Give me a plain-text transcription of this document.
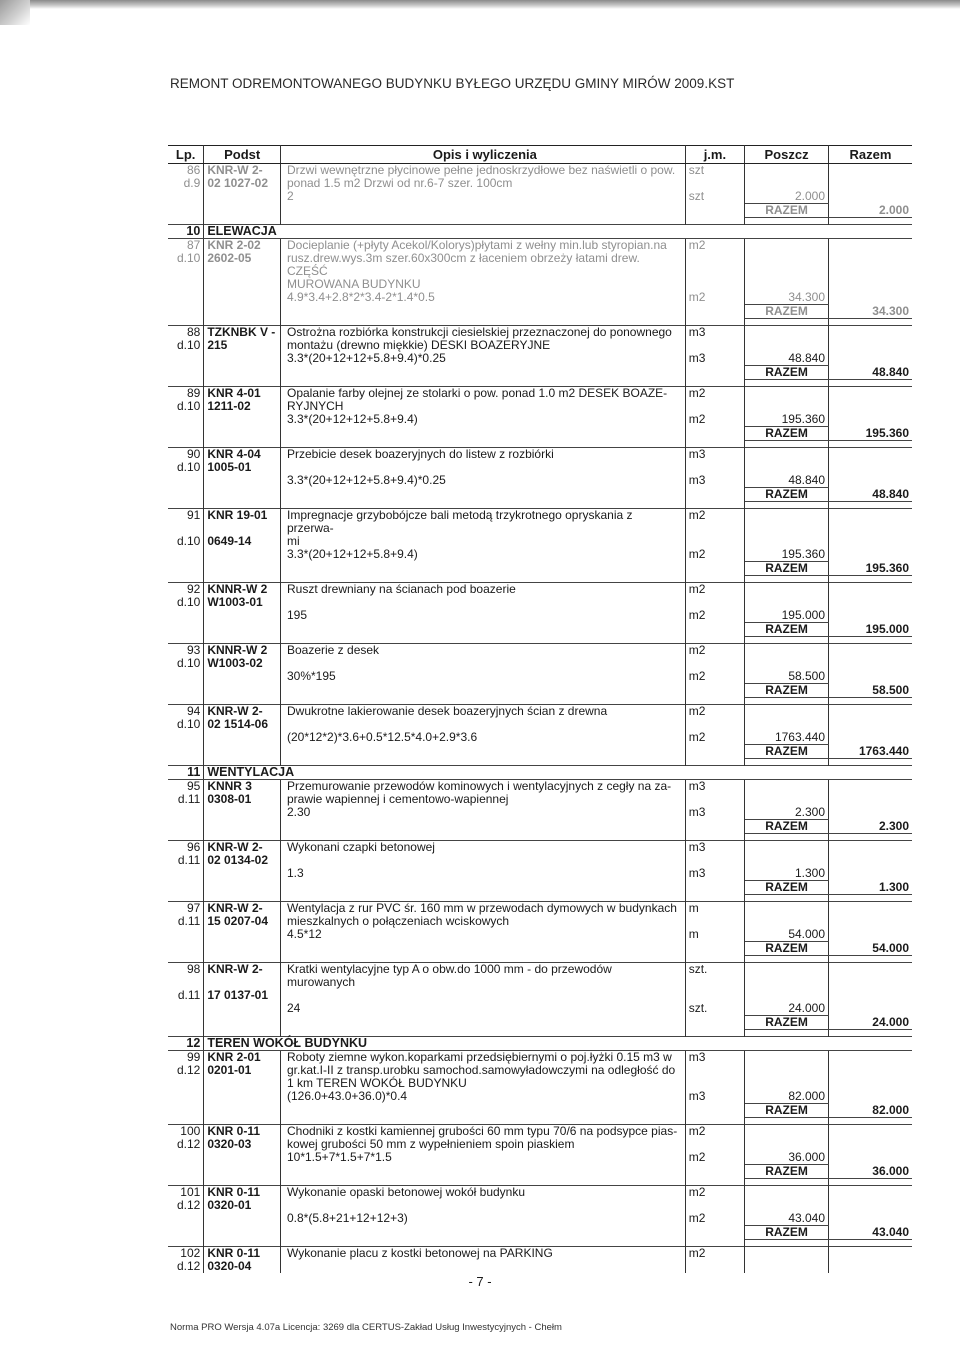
REMONT ODREMONTOWANEGO BUDYNKU BYŁEGO URZĘDU GMINY MIRÓW 2009.KST
Lp.	Podst	Opis i wyliczenia	j.m.	Poszcz	Razem
86	KNR-W 2-	Drzwi wewnętrzne płycinowe pełne jednoskrzydłowe bez naświetli o pow.	szt		
d.9	02 1027-02	ponad 1.5 m2 Drzwi od nr.6-7 szer. 100cm			
		2	szt	2.000	
				RAZEM	2.000

10	ELEWACJA				
87	KNR 2-02	Docieplanie (+płyty Acekol/Kolorys)płytami z wełny min.lub styropian.na	m2		
d.10	2602-05	rusz.drew.wys.3m szer.60x300cm z łaceniem obrzeży łatami drew. CZĘŚĆ			
		MUROWANA BUDYNKU			
		4.9*3.4+2.8*2*3.4-2*1.4*0.5	m2	34.300	
				RAZEM	34.300

88	TZKNBK V -	Ostrożna rozbiórka konstrukcji ciesielskiej przeznaczonej do ponownego	m3		
d.10	215	montażu (drewno miękkie) DESKI BOAZERYJNE			
		3.3*(20+12+12+5.8+9.4)*0.25	m3	48.840	
				RAZEM	48.840

89	KNR 4-01	Opalanie farby olejnej ze stolarki o pow. ponad 1.0 m2 DESEK BOAZE-	m2		
d.10	1211-02	RYJNYCH			
		3.3*(20+12+12+5.8+9.4)	m2	195.360	
				RAZEM	195.360

90	KNR 4-04	Przebicie desek boazeryjnych do listew z rozbiórki	m3		
d.10	1005-01				
		3.3*(20+12+12+5.8+9.4)*0.25	m3	48.840	
				RAZEM	48.840

91	KNR 19-01	Impregnacje grzybobójcze bali metodą trzykrotnego opryskania z przerwa-	m2		
d.10	0649-14	mi			
		3.3*(20+12+12+5.8+9.4)	m2	195.360	
				RAZEM	195.360

92	KNNR-W 2	Ruszt drewniany na ścianach pod boazerie	m2		
d.10	W1003-01				
		195	m2	195.000	
				RAZEM	195.000

93	KNNR-W 2	Boazerie z desek	m2		
d.10	W1003-02				
		30%*195	m2	58.500	
				RAZEM	58.500

94	KNR-W 2-	Dwukrotne lakierowanie desek boazeryjnych ścian z drewna	m2		
d.10	02 1514-06				
		(20*12*2)*3.6+0.5*12.5*4.0+2.9*3.6	m2	1763.440	
				RAZEM	1763.440

11	WENTYLACJA				
95	KNNR 3	Przemurowanie przewodów kominowych i wentylacyjnych z cegły na za-	m3		
d.11	0308-01	prawie wapiennej i cementowo-wapiennej			
		2.30	m3	2.300	
				RAZEM	2.300

96	KNR-W 2-	Wykonani czapki betonowej	m3		
d.11	02 0134-02				
		1.3	m3	1.300	
				RAZEM	1.300

97	KNR-W 2-	Wentylacja z rur PVC śr. 160 mm w przewodach dymowych w budynkach	m		
d.11	15 0207-04	mieszkalnych o połączeniach wciskowych			
		4.5*12	m	54.000	
				RAZEM	54.000

98	KNR-W 2-	Kratki wentylacyjne typ A o obw.do 1000 mm - do przewodów murowanych	szt.		
d.11	17 0137-01				
		24	szt.	24.000	
				RAZEM	24.000

12	TEREN WOKÓŁ BUDYNKU				
99	KNR 2-01	Roboty ziemne wykon.koparkami przedsiębiernymi o poj.łyżki 0.15 m3 w	m3		
d.12	0201-01	gr.kat.I-II z transp.urobku samochod.samowyładowczymi na odległość do			
		1 km TEREN WOKÓŁ BUDYNKU			
		(126.0+43.0+36.0)*0.4	m3	82.000	
				RAZEM	82.000

100	KNR 0-11	Chodniki z kostki kamiennej grubości 60 mm typu 70/6 na podsypce pias-	m2		
d.12	0320-03	kowej grubości 50 mm z wypełnieniem spoin piaskiem			
		10*1.5+7*1.5+7*1.5	m2	36.000	
				RAZEM	36.000

101	KNR 0-11	Wykonanie opaski betonowej wokół budynku	m2		
d.12	0320-01				
		0.8*(5.8+21+12+12+3)	m2	43.040	
				RAZEM	43.040

102	KNR 0-11	Wykonanie placu z kostki betonowej na PARKING	m2		
d.12	0320-04				
- 7 -
Norma PRO Wersja 4.07a Licencja: 3269 dla CERTUS-Zakład Usług Inwestycyjnych - Chełm
